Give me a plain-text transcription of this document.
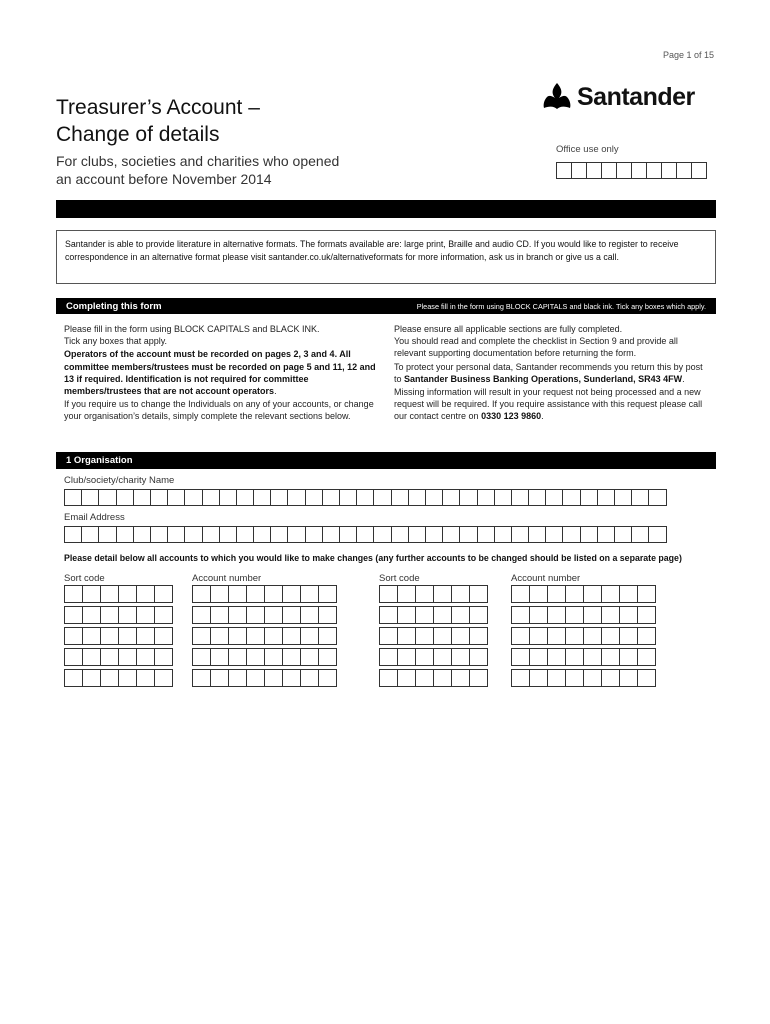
Page 1 of 15
Santander
Treasurer’s Account –
Change of details
For clubs, societies and charities who opened
an account before November 2014
Office use only
Santander is able to provide literature in alternative formats. The formats available are: large print, Braille and audio CD. If you would like to register to receive correspondence in an alternative format please visit santander.co.uk/alternativeformats for more information, ask us in branch or give us a call.
Completing this form	Please fill in the form using BLOCK CAPITALS and black ink. Tick any boxes which apply.
Please fill in the form using BLOCK CAPITALS and BLACK INK.

Tick any boxes that apply.

Operators of the account must be recorded on pages 2, 3 and 4. All committee members/trustees must be recorded on page 5 and 11, 12 and 13 if required. Identification is not required for committee members/trustees that are not account operators.

If you require us to change the Individuals on any of your accounts, or change your organisation’s details, simply complete the relevant sections below.

Please ensure all applicable sections are fully completed.

You should read and complete the checklist in Section 9 and provide all relevant supporting documentation before returning the form.

To protect your personal data, Santander recommends you return this by post to Santander Business Banking Operations, Sunderland, SR43 4FW.

Missing information will result in your request not being processed and a new request will be required. If you require assistance with this request please call our contact centre on 0330 123 9860.

1 Organisation
Club/society/charity Name
Email Address
Please detail below all accounts to which you would like to make changes (any further accounts to be changed should be listed on a separate page)
Sort code	Account number	Sort code	Account number
